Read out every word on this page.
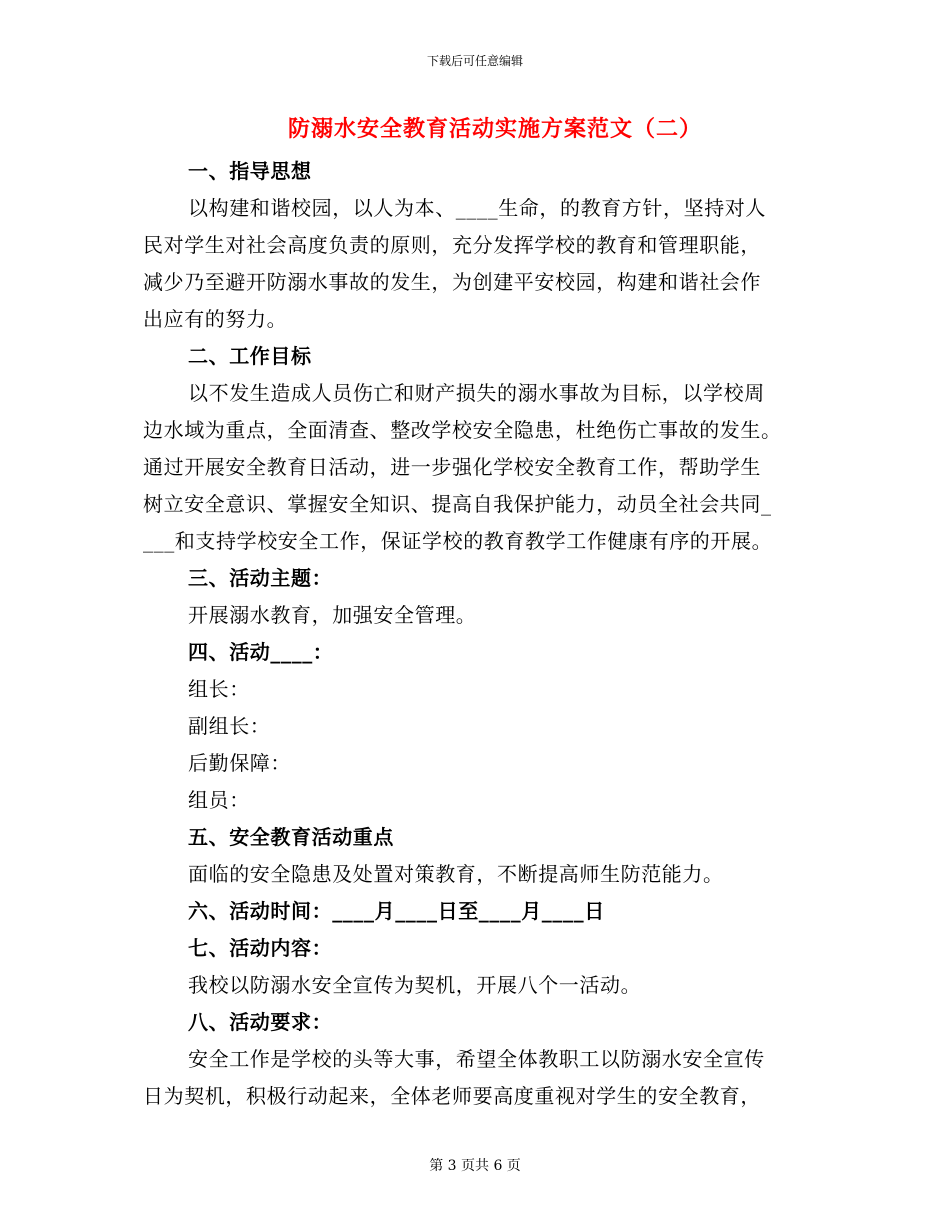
下载后可任意编辑
防溺水安全教育活动实施方案范文（二）
一、指导思想
以构建和谐校园，以人为本、____生命，的教育方针，坚持对人
民对学生对社会高度负责的原则，充分发挥学校的教育和管理职能，
减少乃至避开防溺水事故的发生，为创建平安校园，构建和谐社会作
出应有的努力。
二、工作目标
以不发生造成人员伤亡和财产损失的溺水事故为目标，以学校周
边水域为重点，全面清查、整改学校安全隐患，杜绝伤亡事故的发生。
通过开展安全教育日活动，进一步强化学校安全教育工作，帮助学生
树立安全意识、掌握安全知识、提高自我保护能力，动员全社会共同_
___和支持学校安全工作，保证学校的教育教学工作健康有序的开展。
三、活动主题：
开展溺水教育，加强安全管理。
四、活动____：
组长：
副组长：
后勤保障：
组员：
五、安全教育活动重点
面临的安全隐患及处置对策教育，不断提高师生防范能力。
六、活动时间：____月____日至____月____日
七、活动内容：
我校以防溺水安全宣传为契机，开展八个一活动。
八、活动要求：
安全工作是学校的头等大事，希望全体教职工以防溺水安全宣传
日为契机，积极行动起来，全体老师要高度重视对学生的安全教育，
第 3 页共 6 页
